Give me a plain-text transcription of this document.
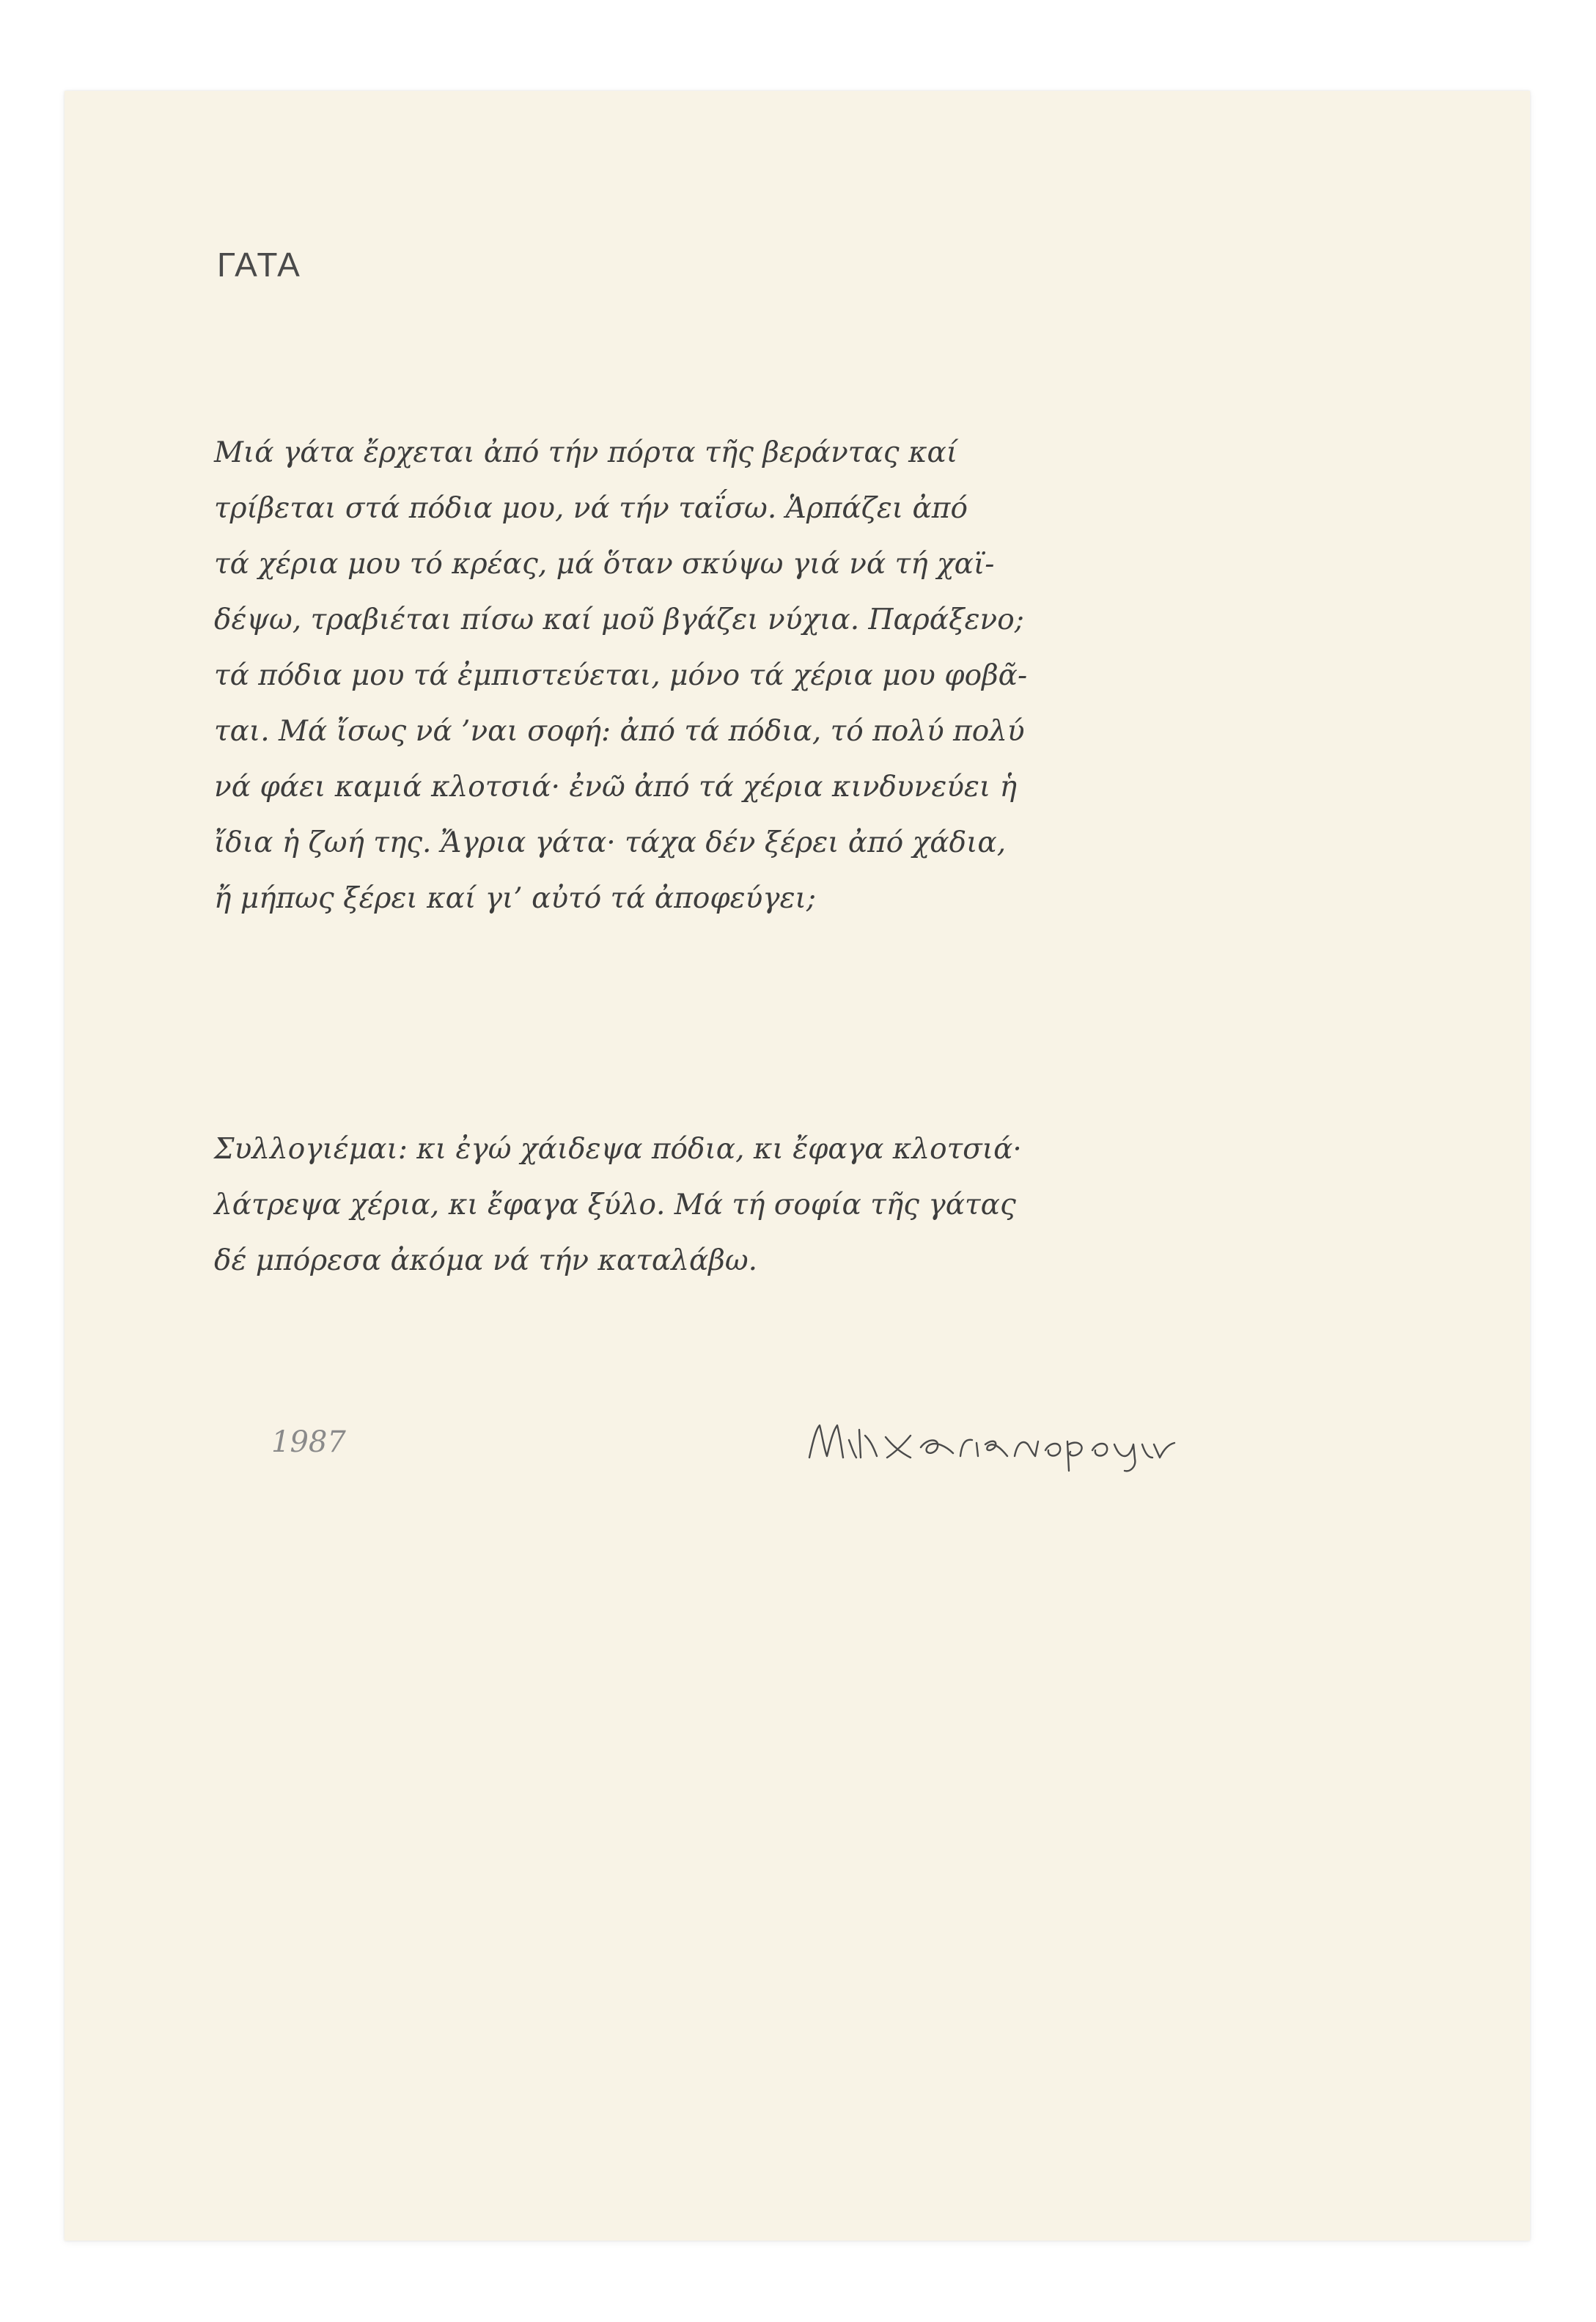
ΓΑΤΑ
Μιά γάτα ἔρχεται ἀπό τήν πόρτα τῆς βεράντας καί
τρίβεται στά πόδια μου, νά τήν ταΐσω. Ἁρπάζει ἀπό
τά χέρια μου τό κρέας, μά ὅταν σκύψω γιά νά τή χαϊ-
δέψω, τραβιέται πίσω καί μοῦ βγάζει νύχια. Παράξενο;
τά πόδια μου τά ἐμπιστεύεται, μόνο τά χέρια μου φοβᾶ-
ται. Μά ἴσως νά ’ναι σοφή: ἀπό τά πόδια, τό πολύ πολύ
νά φάει καμιά κλοτσιά· ἐνῶ ἀπό τά χέρια κινδυνεύει ἡ
ἴδια ἡ ζωή της. Ἄγρια γάτα· τάχα δέν ξέρει ἀπό χάδια,
ἤ μήπως ξέρει καί γι’ αὐτό τά ἀποφεύγει;
Συλλογιέμαι: κι ἐγώ χάιδεψα πόδια, κι ἔφαγα κλοτσιά·
λάτρεψα χέρια, κι ἔφαγα ξύλο. Μά τή σοφία τῆς γάτας
δέ μπόρεσα ἀκόμα νά τήν καταλάβω.

1987
